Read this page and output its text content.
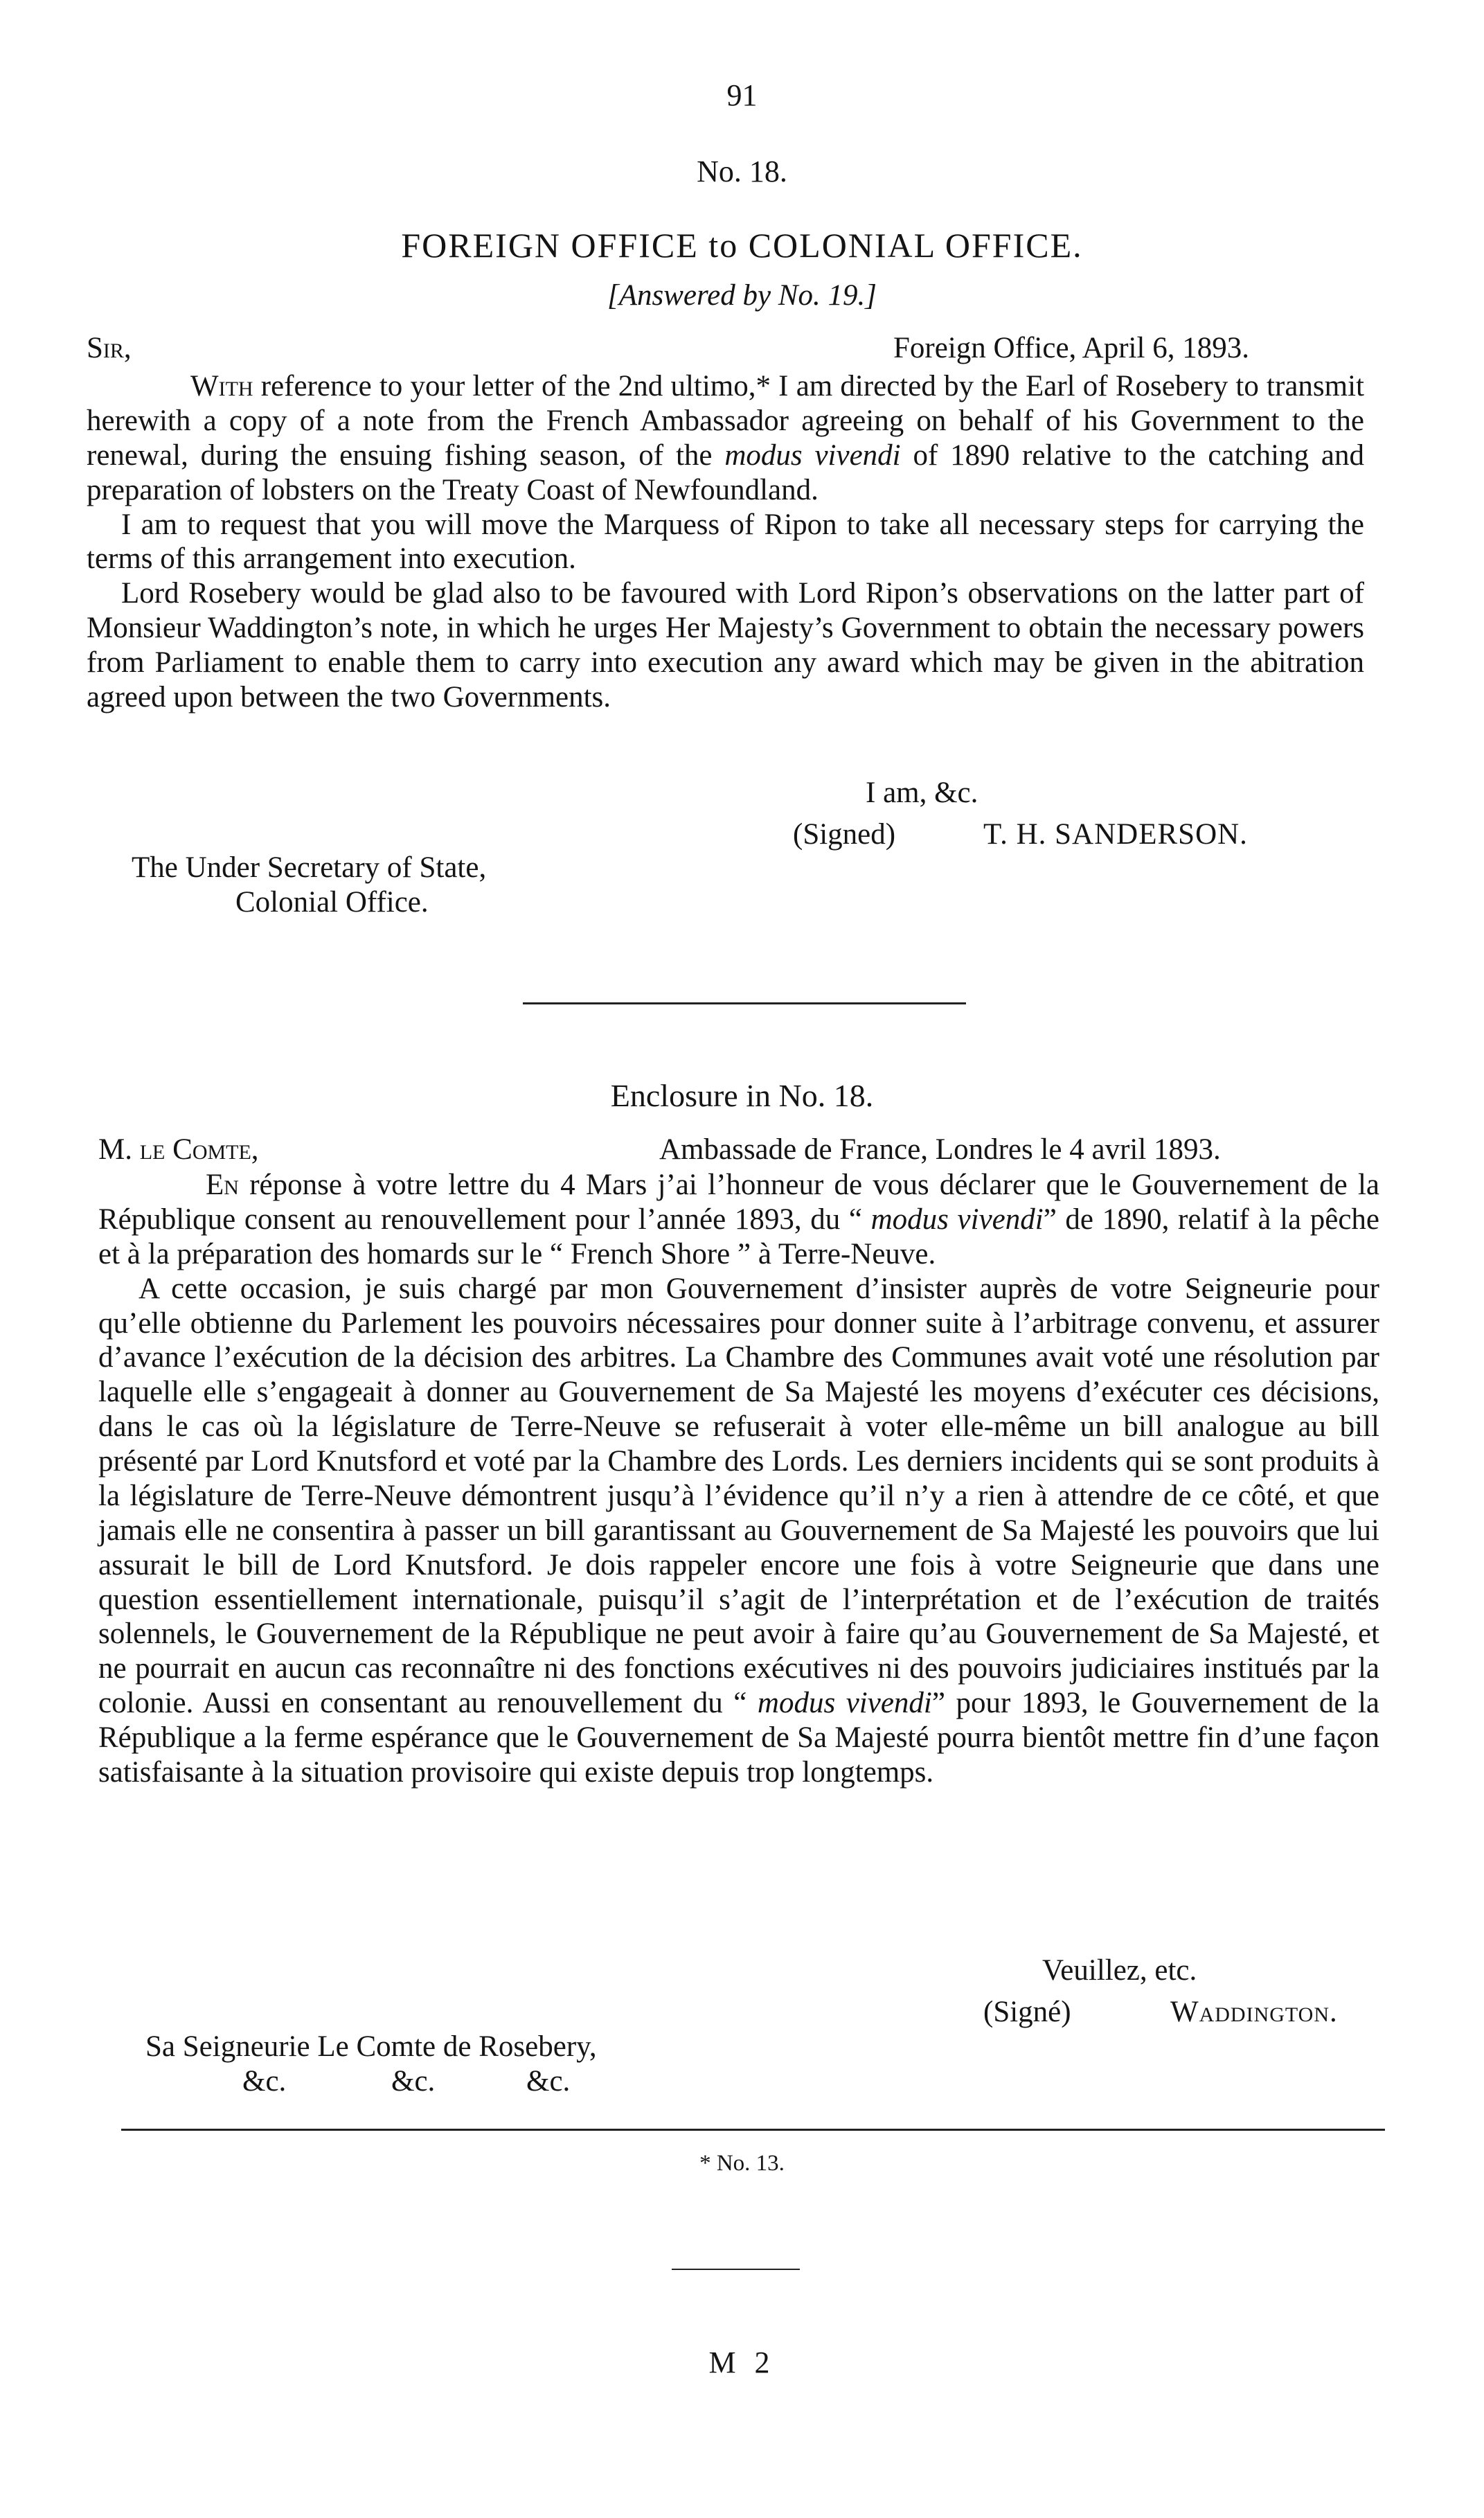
91
No. 18.
FOREIGN OFFICE to COLONIAL OFFICE.
[Answered by No. 19.]
Sir,	Foreign Office, April 6, 1893.

With reference to your letter of the 2nd ultimo,* I am directed by the Earl of Rosebery to transmit herewith a copy of a note from the French Ambassador agreeing on behalf of his Government to the renewal, during the ensuing fishing season, of the modus vivendi of 1890 relative to the catching and preparation of lobsters on the Treaty Coast of Newfoundland.

I am to request that you will move the Marquess of Ripon to take all necessary steps for carrying the terms of this arrangement into execution.

Lord Rosebery would be glad also to be favoured with Lord Ripon’s observations on the latter part of Monsieur Waddington’s note, in which he urges Her Majesty’s Government to obtain the necessary powers from Parliament to enable them to carry into execution any award which may be given in the abitration agreed upon between the two Governments.

I am, &c.
(Signed)	T. H. SANDERSON.
The Under Secretary of State,
Colonial Office.
Enclosure in No. 18.
M. le Comte,	Ambassade de France, Londres le 4 avril 1893.

En réponse à votre lettre du 4 Mars j’ai l’honneur de vous déclarer que le Gouvernement de la République consent au renouvellement pour l’année 1893, du “ modus vivendi” de 1890, relatif à la pêche et à la préparation des homards sur le “ French Shore ” à Terre-Neuve.

A cette occasion, je suis chargé par mon Gouvernement d’insister auprès de votre Seigneurie pour qu’elle obtienne du Parlement les pouvoirs nécessaires pour donner suite à l’arbitrage convenu, et assurer d’avance l’exécution de la décision des arbitres. La Chambre des Communes avait voté une résolution par laquelle elle s’engageait à donner au Gouvernement de Sa Majesté les moyens d’exécuter ces décisions, dans le cas où la législature de Terre-Neuve se refuserait à voter elle-même un bill analogue au bill présenté par Lord Knutsford et voté par la Chambre des Lords. Les derniers incidents qui se sont produits à la législature de Terre-Neuve démontrent jusqu’à l’évidence qu’il n’y a rien à attendre de ce côté, et que jamais elle ne consentira à passer un bill garantissant au Gouvernement de Sa Majesté les pouvoirs que lui assurait le bill de Lord Knutsford. Je dois rappeler encore une fois à votre Seigneurie que dans une question essentiellement internationale, puisqu’il s’agit de l’interprétation et de l’exécution de traités solennels, le Gouvernement de la République ne peut avoir à faire qu’au Gouvernement de Sa Majesté, et ne pourrait en aucun cas reconnaître ni des fonctions exécutives ni des pouvoirs judiciaires institués par la colonie. Aussi en consentant au renouvellement du “ modus vivendi” pour 1893, le Gouvernement de la République a la ferme espérance que le Gouvernement de Sa Majesté pourra bientôt mettre fin d’une façon satisfaisante à la situation provisoire qui existe depuis trop longtemps.

Veuillez, etc.
(Signé)	Waddington.
Sa Seigneurie Le Comte de Rosebery,
&c.	&c.	&c.
* No. 13.
M 2
